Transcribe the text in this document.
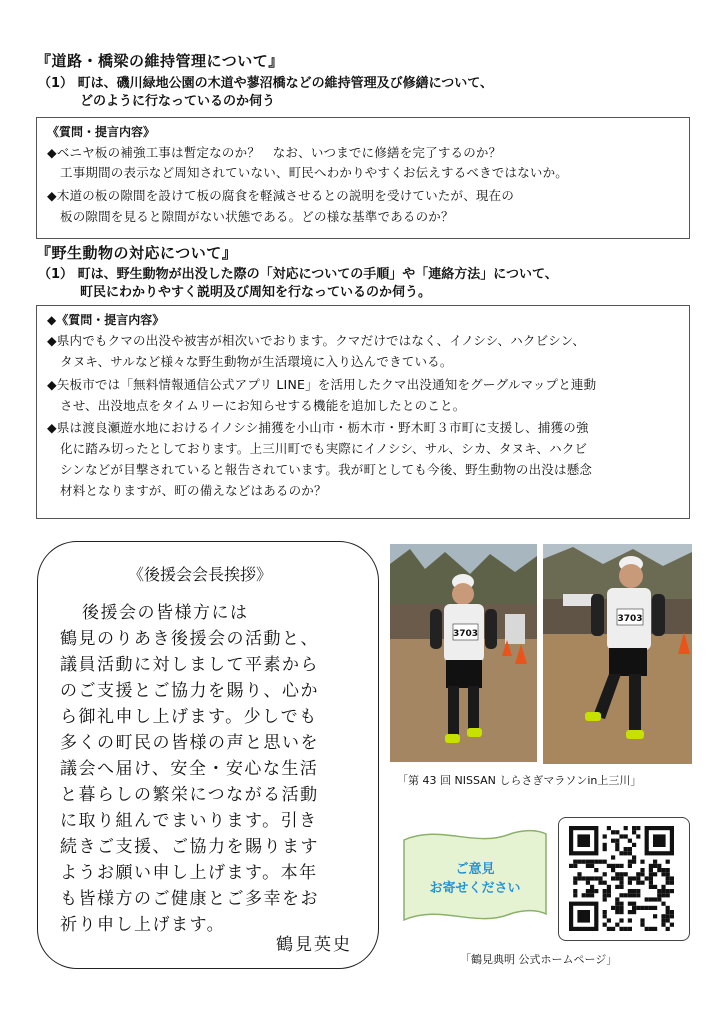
『道路・橋梁の維持管理について』
（1） 町は、磯川緑地公園の木道や蓼沼橋などの維持管理及び修繕について、
どのように行なっているのか伺う
《質問・提言内容》
◆ベニヤ板の補強工事は暫定なのか？　なお、いつまでに修繕を完了するのか？
工事期間の表示など周知されていない、町民へわかりやすくお伝えするべきではないか。
◆木道の板の隙間を設けて板の腐食を軽減させるとの説明を受けていたが、現在の
板の隙間を見ると隙間がない状態である。どの様な基準であるのか？
『野生動物の対応について』
（1） 町は、野生動物が出没した際の「対応についての手順」や「連絡方法」について、
町民にわかりやすく説明及び周知を行なっているのか伺う。
◆《質問・提言内容》
◆県内でもクマの出没や被害が相次いでおります。クマだけではなく、イノシシ、ハクビシン、
タヌキ、サルなど様々な野生動物が生活環境に入り込んできている。
◆矢板市では「無料情報通信公式アプリ LINE」を活用したクマ出没通知をグーグルマップと連動
させ、出没地点をタイムリーにお知らせする機能を追加したとのこと。
◆県は渡良瀬遊水地におけるイノシシ捕獲を小山市・栃木市・野木町３市町に支援し、捕獲の強
化に踏み切ったとしております。上三川町でも実際にイノシシ、サル、シカ、タヌキ、ハクビ
シンなどが目撃されていると報告されています。我が町としても今後、野生動物の出没は懸念
材料となりますが、町の備えなどはあるのか？
《後援会会長挨拶》
後援会の皆様方には
鶴見のりあき後援会の活動と、
議員活動に対しまして平素から
のご支援とご協力を賜り、心か
ら御礼申し上げます。少しでも
多くの町民の皆様の声と思いを
議会へ届け、安全・安心な生活
と暮らしの繁栄につながる活動
に取り組んでまいります。引き
続きご支援、ご協力を賜ります
ようお願い申し上げます。本年
も皆様方のご健康とご多幸をお
祈り申し上げます。
鶴見英史
3703
3703
「第 43 回 NISSAN しらさぎマラソンin上三川」
ご意見
お寄せください
「鶴見典明 公式ホームページ」
